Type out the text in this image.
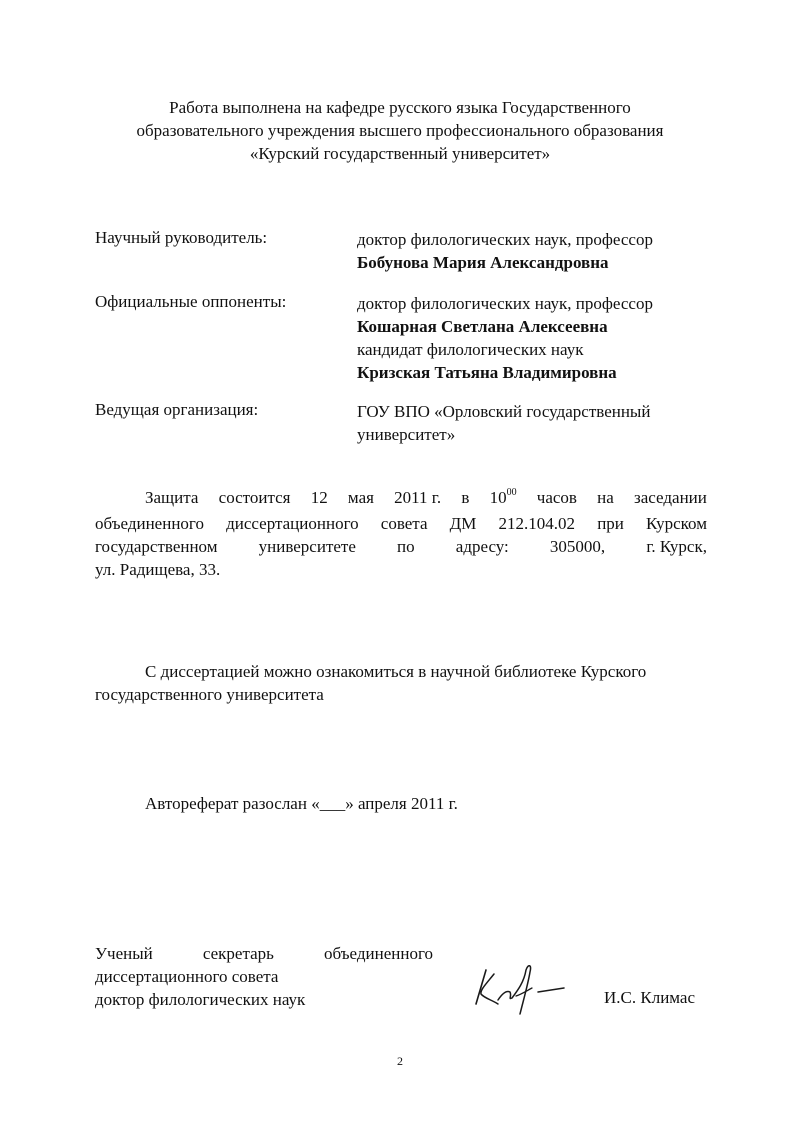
Работа выполнена на кафедре русского языка Государственного
образовательного учреждения высшего профессионального образования
«Курский государственный университет»
Научный руководитель:	доктор филологических наук, профессор
Бобунова Мария Александровна
Официальные оппоненты:	доктор филологических наук, профессор
Кошарная Светлана Алексеевна
кандидат филологических наук
Кризская Татьяна Владимировна
Ведущая организация:	ГОУ ВПО «Орловский государственный
университет»
Защита состоится 12 мая 2011 г. в $10^{00}$ часов на заседании
объединенного диссертационного совета ДМ 212.104.02 при Курском
государственном университете по адресу: 305000, г. Курск,
ул. Радищева, 33.
С диссертацией можно ознакомиться в научной библиотеке Курского
государственного университета
Автореферат разослан «___» апреля 2011 г.
Ученый	секретарь	объединенного
диссертационного совета
доктор филологических наук	И.С. Климас
2
